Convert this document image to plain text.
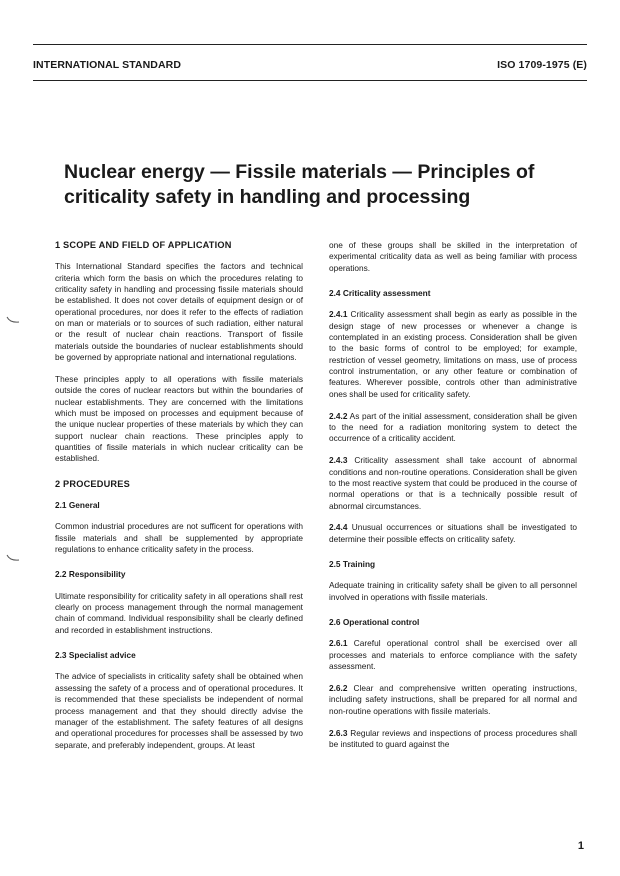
INTERNATIONAL STANDARD	ISO 1709-1975 (E)
Nuclear energy — Fissile materials — Principles of
criticality safety in handling and processing
1 SCOPE AND FIELD OF APPLICATION

This International Standard specifies the factors and technical criteria which form the basis on which the procedures relating to criticality safety in handling and processing fissile materials should be established. It does not cover details of equipment design or of operational procedures, nor does it refer to the effects of radiation on man or materials or to sources of such radiation, either natural or the result of nuclear chain reactions. Transport of fissile materials outside the boundaries of nuclear establishments should be governed by appropriate national and international regulations.

These principles apply to all operations with fissile materials outside the cores of nuclear reactors but within the boundaries of nuclear establishments. They are concerned with the limitations which must be imposed on processes and equipment because of the unique nuclear properties of these materials by which they can support nuclear chain reactions. These principles apply to quantities of fissile materials in which nuclear criticality can be established.

2 PROCEDURES
2.1 General

Common industrial procedures are not sufficent for operations with fissile materials and shall be supplemented by appropriate regulations to enhance criticality safety in the process.

2.2 Responsibility

Ultimate responsibility for criticality safety in all operations shall rest clearly on process management through the normal management chain of command. Individual responsibility shall be clearly defined and recorded in establishment instructions.

2.3 Specialist advice

The advice of specialists in criticality safety shall be obtained when assessing the safety of a process and of operational procedures. It is recommended that these specialists be independent of normal process management and that they should directly advise the manager of the establishment. The safety features of all designs and operational procedures for processes shall be assessed by two separate, and preferably independent, groups. At least

one of these groups shall be skilled in the interpretation of experimental criticality data as well as being familiar with process operations.

2.4 Criticality assessment

2.4.1 Criticality assessment shall begin as early as possible in the design stage of new processes or whenever a change is contemplated in an existing process. Consideration shall be given to the basic forms of control to be employed; for example, restriction of vessel geometry, limitations on mass, use of process control instrumentation, or any other feature or combination of features. Wherever possible, controls other than administrative ones shall be used for criticality safety.

2.4.2 As part of the initial assessment, consideration shall be given to the need for a radiation monitoring system to detect the occurrence of a criticality accident.

2.4.3 Criticality assessment shall take account of abnormal conditions and non-routine operations. Consideration shall be given to the most reactive system that could be produced in the course of normal operations or that is a technically possible result of abnormal circumstances.

2.4.4 Unusual occurrences or situations shall be investigated to determine their possible effects on criticality safety.

2.5 Training

Adequate training in criticality safety shall be given to all personnel involved in operations with fissile materials.

2.6 Operational control

2.6.1 Careful operational control shall be exercised over all processes and materials to enforce compliance with the safety assessment.

2.6.2 Clear and comprehensive written operating instructions, including safety instructions, shall be prepared for all normal and non-routine operations with fissile materials.

2.6.3 Regular reviews and inspections of process procedures shall be instituted to guard against the

1
